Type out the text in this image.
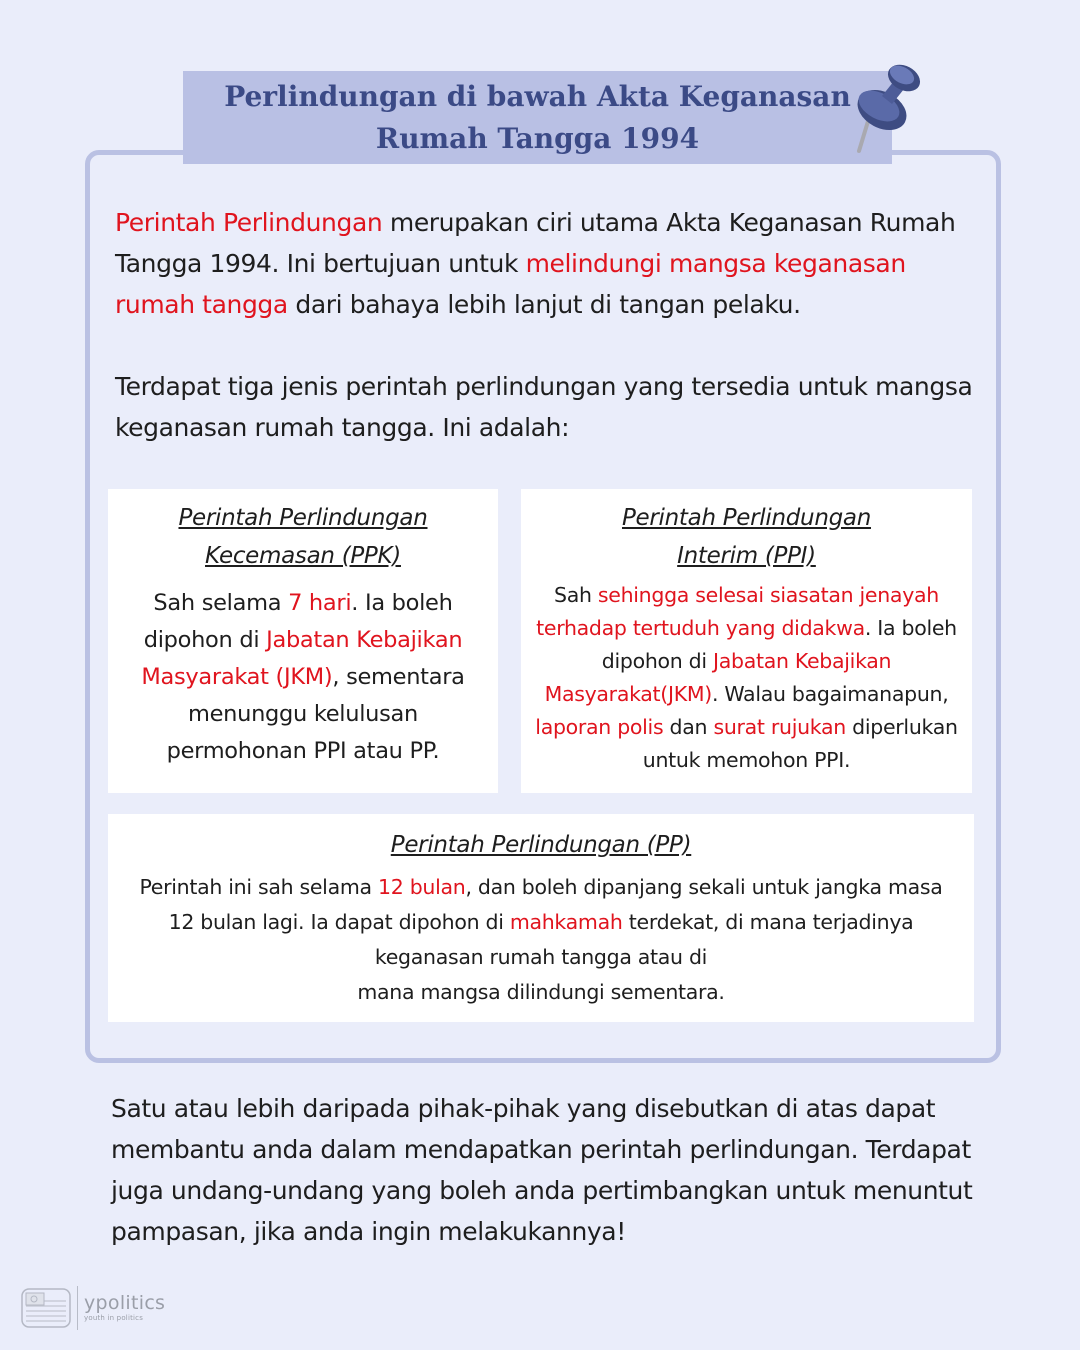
Perlindungan di bawah Akta Keganasan
Rumah Tangga 1994

Perintah Perlindungan merupakan ciri utama Akta Keganasan Rumah Tangga 1994. Ini bertujuan untuk melindungi mangsa keganasan rumah tangga dari bahaya lebih lanjut di tangan pelaku.

Terdapat tiga jenis perintah perlindungan yang tersedia untuk mangsa keganasan rumah tangga. Ini adalah:

Perintah Perlindungan
Kecemasan (PPK)
Sah selama 7 hari. Ia boleh dipohon di Jabatan Kebajikan Masyarakat (JKM), sementara menunggu kelulusan permohonan PPI atau PP.
Perintah Perlindungan
Interim (PPI)
Sah sehingga selesai siasatan jenayah terhadap tertuduh yang didakwa. Ia boleh dipohon di Jabatan Kebajikan Masyarakat(JKM). Walau bagaimanapun, laporan polis dan surat rujukan diperlukan untuk memohon PPI.
Perintah Perlindungan (PP)
Perintah ini sah selama 12 bulan, dan boleh dipanjang sekali untuk jangka masa 12 bulan lagi. Ia dapat dipohon di mahkamah terdekat, di mana terjadinya keganasan rumah tangga atau di
mana mangsa dilindungi sementara.

Satu atau lebih daripada pihak-pihak yang disebutkan di atas dapat membantu anda dalam mendapatkan perintah perlindungan. Terdapat juga undang-undang yang boleh anda pertimbangkan untuk menuntut pampasan, jika anda ingin melakukannya!

ypolitics
youth in politics
